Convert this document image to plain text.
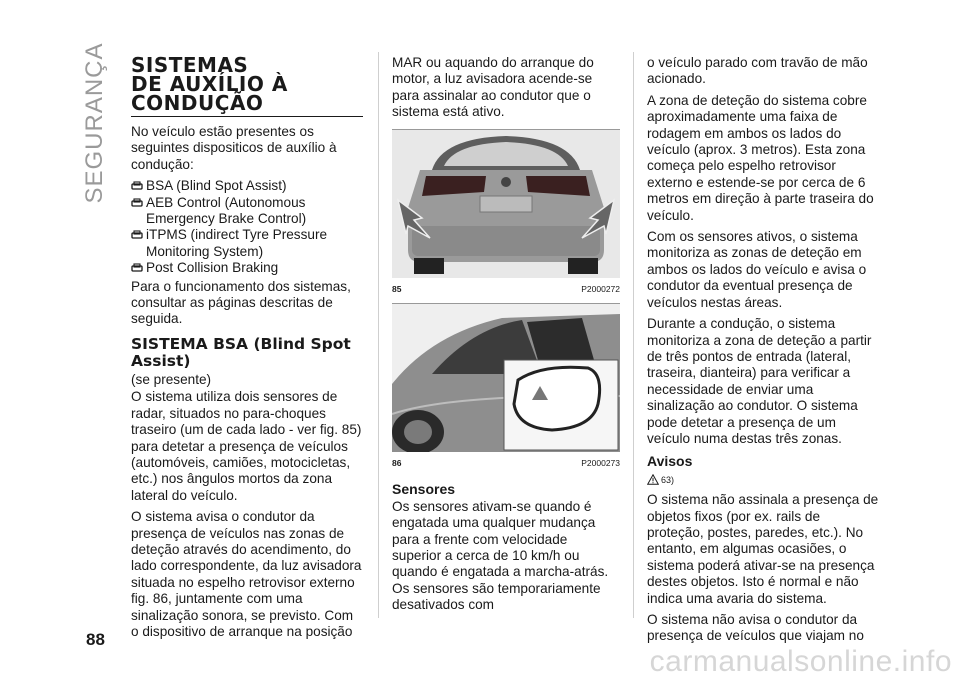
SEGURANÇA SISTEMAS
DE AUXÍLIO À
CONDUÇÃO

No veículo estão presentes os seguintes dispositicos de auxílio à condução:

BSA (Blind Spot Assist)
AEB Control (Autonomous Emergency Brake Control)
iTPMS (indirect Tyre Pressure Monitoring System)
Post Collision Braking

Para o funcionamento dos sistemas, consultar as páginas descritas de seguida.

SISTEMA BSA (Blind Spot Assist)

(se presente)

O sistema utiliza dois sensores de radar, situados no para-choques traseiro (um de cada lado - ver fig. 85) para detetar a presença de veículos (automóveis, camiões, motocicletas, etc.) nos ângulos mortos da zona lateral do veículo.

O sistema avisa o condutor da presença de veículos nas zonas de deteção através do acendimento, do lado correspondente, da luz avisadora situada no espelho retrovisor externo fig. 86, juntamente com uma sinalização sonora, se previsto. Com o dispositivo de arranque na posição

MAR ou aquando do arranque do motor, a luz avisadora acende-se para assinalar ao condutor que o sistema está ativo.

85	P2000272
86	P2000273
Sensores

Os sensores ativam-se quando é engatada uma qualquer mudança para a frente com velocidade superior a cerca de 10 km/h ou quando é engatada a marcha-atrás. Os sensores são temporariamente desativados com

o veículo parado com travão de mão acionado.

A zona de deteção do sistema cobre aproximadamente uma faixa de rodagem em ambos os lados do veículo (aprox. 3 metros). Esta zona começa pelo espelho retrovisor externo e estende-se por cerca de 6 metros em direção à parte traseira do veículo.

Com os sensores ativos, o sistema monitoriza as zonas de deteção em ambos os lados do veículo e avisa o condutor da eventual presença de veículos nestas áreas.

Durante a condução, o sistema monitoriza a zona de deteção a partir de três pontos de entrada (lateral, traseira, dianteira) para verificar a necessidade de enviar uma sinalização ao condutor. O sistema pode detetar a presença de um veículo numa destas três zonas.

Avisos
63)

O sistema não assinala a presença de objetos fixos (por ex. rails de proteção, postes, paredes, etc.). No entanto, em algumas ocasiões, o sistema poderá ativar-se na presença destes objetos. Isto é normal e não indica uma avaria do sistema.

O sistema não avisa o condutor da presença de veículos que viajam no

88
carmanualsonline.info
